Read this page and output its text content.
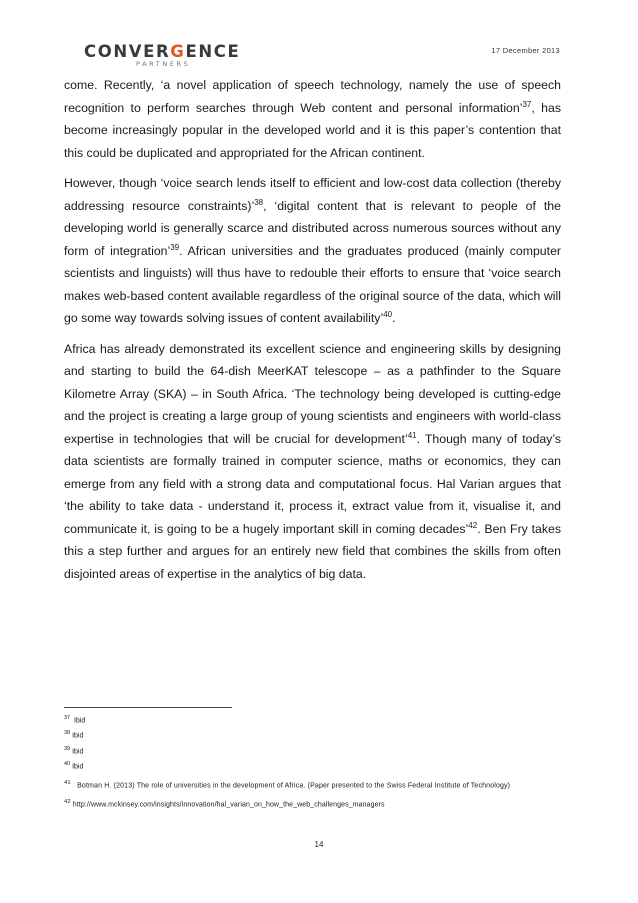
CONVERGENCE
PARTNERS
17 December 2013

come. Recently, ‘a novel application of speech technology, namely the use of speech recognition to perform searches through Web content and personal information’$^{37}$, has become increasingly popular in the developed world and it is this paper’s contention that this could be duplicated and appropriated for the African continent.

However, though ‘voice search lends itself to efficient and low-cost data collection (thereby addressing resource constraints)’$^{38}$, ‘digital content that is relevant to people of the developing world is generally scarce and distributed across numerous sources without any form of integration’$^{39}$. African universities and the graduates produced (mainly computer scientists and linguists) will thus have to redouble their efforts to ensure that ‘voice search makes web-based content available regardless of the original source of the data, which will go some way towards solving issues of content availability’$^{40}$.

Africa has already demonstrated its excellent science and engineering skills by designing and starting to build the 64-dish MeerKAT telescope – as a pathfinder to the Square Kilometre Array (SKA) – in South Africa. ‘The technology being developed is cutting-edge and the project is creating a large group of young scientists and engineers with world-class expertise in technologies that will be crucial for development’$^{41}$. Though many of today’s data scientists are formally trained in computer science, maths or economics, they can emerge from any field with a strong data and computational focus. Hal Varian argues that ‘the ability to take data - understand it, process it, extract value from it, visualise it, and communicate it, is going to be a hugely important skill in coming decades’$^{42}$. Ben Fry takes this a step further and argues for an entirely new field that combines the skills from often disjointed areas of expertise in the analytics of big data.

$^{37}$ Ibid
$^{38}$ Ibid
$^{39}$ Ibid
$^{40}$ Ibid
$^{41}$ Botman H. (2013) The role of universities in the development of Africa. (Paper presented to the Swiss Federal Institute of Technology)
$^{42}$ http://www.mckinsey.com/insights/innovation/hal_varian_on_how_the_web_challenges_managers
14
